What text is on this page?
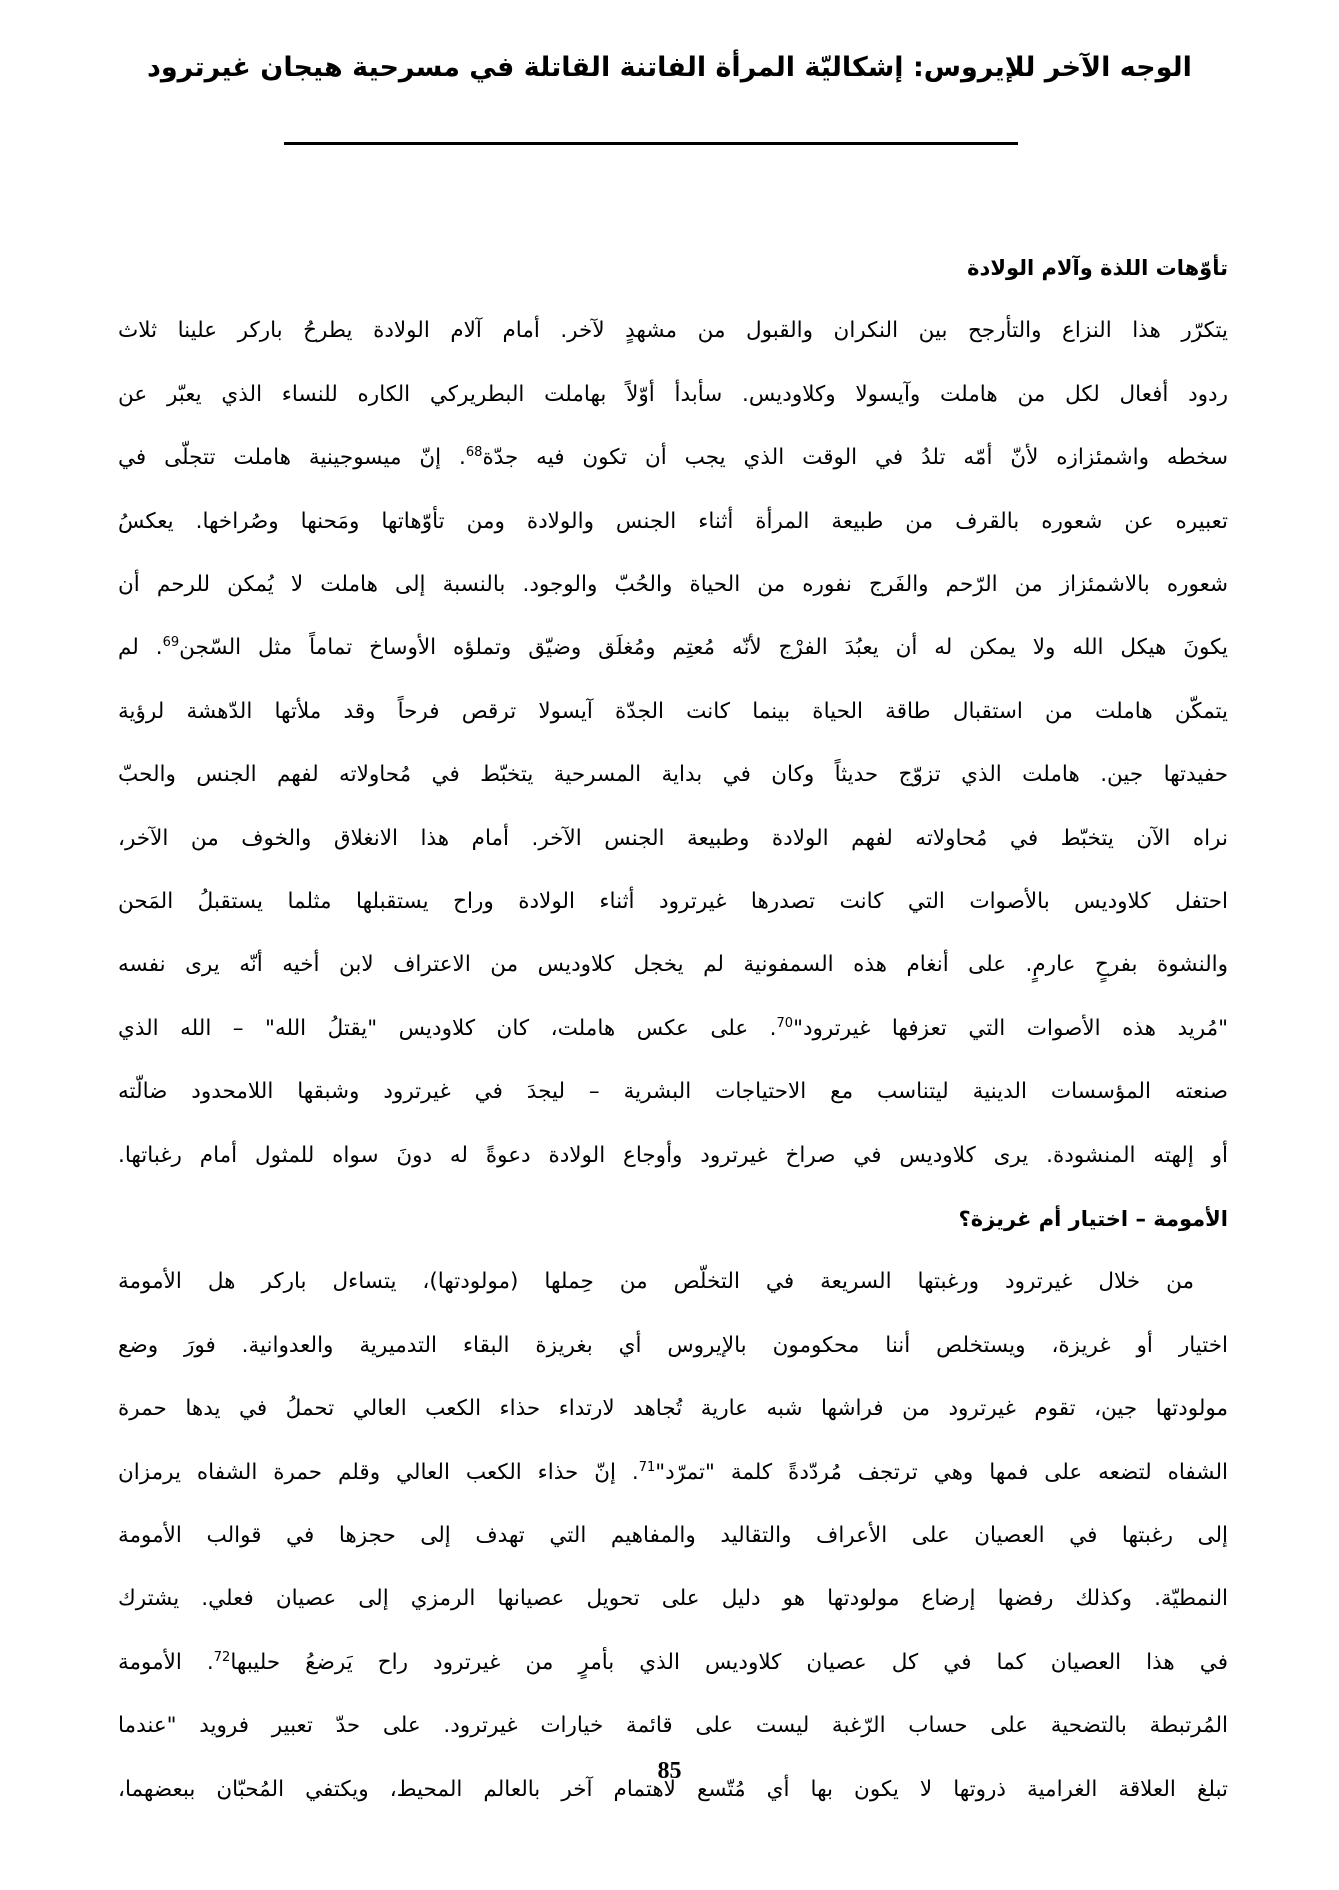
الوجه الآخر للإيروس: إشكاليّة المرأة الفاتنة القاتلة في مسرحية هيجان غيرترود
تأوّهات اللذة وآلام الولادة
يتكرّر هذا النزاع والتأرجح بين النكران والقبول من مشهدٍ لآخر. أمام آلام الولادة يطرحُ باركر علينا ثلاث
ردود أفعال لكل من هاملت وآيسولا وكلاوديس. سأبدأ أوّلاً بهاملت البطريركي الكاره للنساء الذي يعبّر عن
سخطه واشمئزازه لأنّ أمّه تلدُ في الوقت الذي يجب أن تكون فيه جدّة$^{68}$. إنّ ميسوجينية هاملت تتجلّى في
تعبيره عن شعوره بالقرف من طبيعة المرأة أثناء الجنس والولادة ومن تأوّهاتها ومَحنها وصُراخها. يعكسُ
شعوره بالاشمئزاز من الرّحم والفَرج نفوره من الحياة والحُبّ والوجود. بالنسبة إلى هاملت لا يُمكن للرحم أن
يكونَ هيكل الله ولا يمكن له أن يعبُدَ الفرْج لأنّه مُعتِم ومُغلَق وضيّق وتملؤه الأوساخ تماماً مثل السّجن$^{69}$. لم
يتمكّن هاملت من استقبال طاقة الحياة بينما كانت الجدّة آيسولا ترقص فرحاً وقد ملأتها الدّهشة لرؤية
حفيدتها جين. هاملت الذي تزوّج حديثاً وكان في بداية المسرحية يتخبّط في مُحاولاته لفهم الجنس والحبّ
نراه الآن يتخبّط في مُحاولاته لفهم الولادة وطبيعة الجنس الآخر. أمام هذا الانغلاق والخوف من الآخر،
احتفل كلاوديس بالأصوات التي كانت تصدرها غيرترود أثناء الولادة وراح يستقبلها مثلما يستقبلُ المَحن
والنشوة بفرحٍ عارمٍ. على أنغام هذه السمفونية لم يخجل كلاوديس من الاعتراف لابن أخيه أنّه يرى نفسه
"مُريد هذه الأصوات التي تعزفها غيرترود"$^{70}$. على عكس هاملت، كان كلاوديس "يقتلُ الله" – الله الذي
صنعته المؤسسات الدينية ليتناسب مع الاحتياجات البشرية – ليجدَ في غيرترود وشبقها اللامحدود ضالّته
أو إلهته المنشودة. يرى كلاوديس في صراخ غيرترود وأوجاع الولادة دعوةً له دونَ سواه للمثول أمام رغباتها.
الأمومة – اختيار أم غريزة؟
من خلال غيرترود ورغبتها السريعة في التخلّص من حِملها (مولودتها)، يتساءل باركر هل الأمومة
اختيار أو غريزة، ويستخلص أننا محكومون بالإيروس أي بغريزة البقاء التدميرية والعدوانية. فورَ وضع
مولودتها جين، تقوم غيرترود من فراشها شبه عارية تُجاهد لارتداء حذاء الكعب العالي تحملُ في يدها حمرة
الشفاه لتضعه على فمها وهي ترتجف مُردّدةً كلمة "تمرّد"$^{71}$. إنّ حذاء الكعب العالي وقلم حمرة الشفاه يرمزان
إلى رغبتها في العصيان على الأعراف والتقاليد والمفاهيم التي تهدف إلى حجزها في قوالب الأمومة
النمطيّة. وكذلك رفضها إرضاع مولودتها هو دليل على تحويل عصيانها الرمزي إلى عصيان فعلي. يشترك
في هذا العصيان كما في كل عصيان كلاوديس الذي بأمرٍ من غيرترود راح يَرضعُ حليبها$^{72}$. الأمومة
المُرتبطة بالتضحية على حساب الرّغبة ليست على قائمة خيارات غيرترود. على حدّ تعبير فرويد "عندما
تبلغ العلاقة الغرامية ذروتها لا يكون بها أي مُتّسع لاهتمام آخر بالعالم المحيط، ويكتفي المُحبّان ببعضهما،
85
